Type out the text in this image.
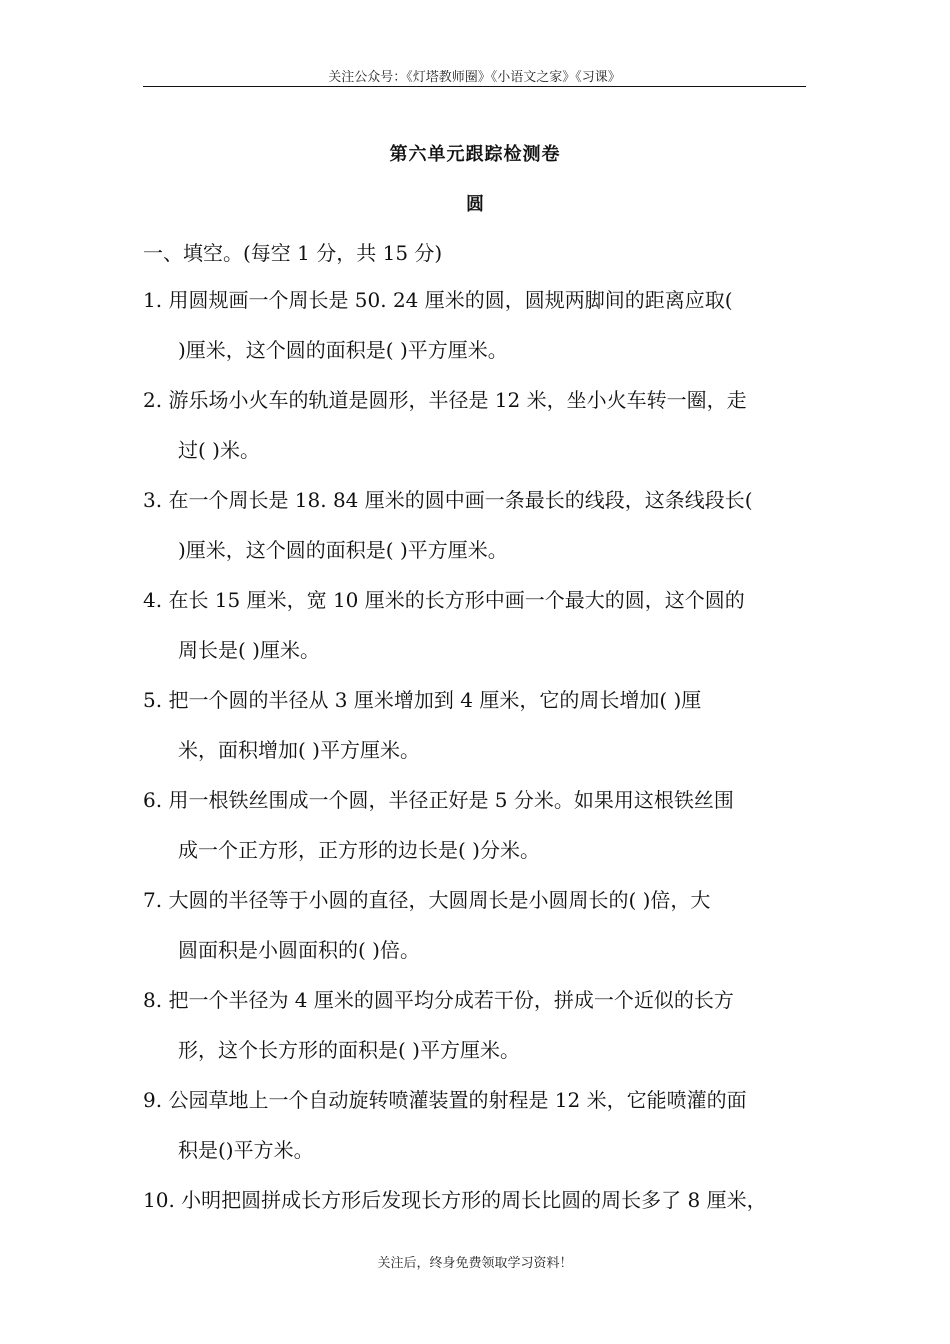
关注公众号：《灯塔教师圈》《小语文之家》《习课》
第六单元跟踪检测卷
圆
一、填空。(每空 1 分，共 15 分)
1. 用圆规画一个周长是 50. 24 厘米的圆，圆规两脚间的距离应取(
)厘米，这个圆的面积是( )平方厘米。
2. 游乐场小火车的轨道是圆形，半径是 12 米，坐小火车转一圈，走
过( )米。
3. 在一个周长是 18. 84 厘米的圆中画一条最长的线段，这条线段长(
)厘米，这个圆的面积是( )平方厘米。
4. 在长 15 厘米，宽 10 厘米的长方形中画一个最大的圆，这个圆的
周长是( )厘米。
5. 把一个圆的半径从 3 厘米增加到 4 厘米，它的周长增加( )厘
米，面积增加( )平方厘米。
6. 用一根铁丝围成一个圆，半径正好是 5 分米。如果用这根铁丝围
成一个正方形，正方形的边长是( )分米。
7. 大圆的半径等于小圆的直径，大圆周长是小圆周长的( )倍，大
圆面积是小圆面积的( )倍。
8. 把一个半径为 4 厘米的圆平均分成若干份，拼成一个近似的长方
形，这个长方形的面积是( )平方厘米。
9. 公园草地上一个自动旋转喷灌装置的射程是 12 米，它能喷灌的面
积是()平方米。
10. 小明把圆拼成长方形后发现长方形的周长比圆的周长多了 8 厘米，
关注后，终身免费领取学习资料！
